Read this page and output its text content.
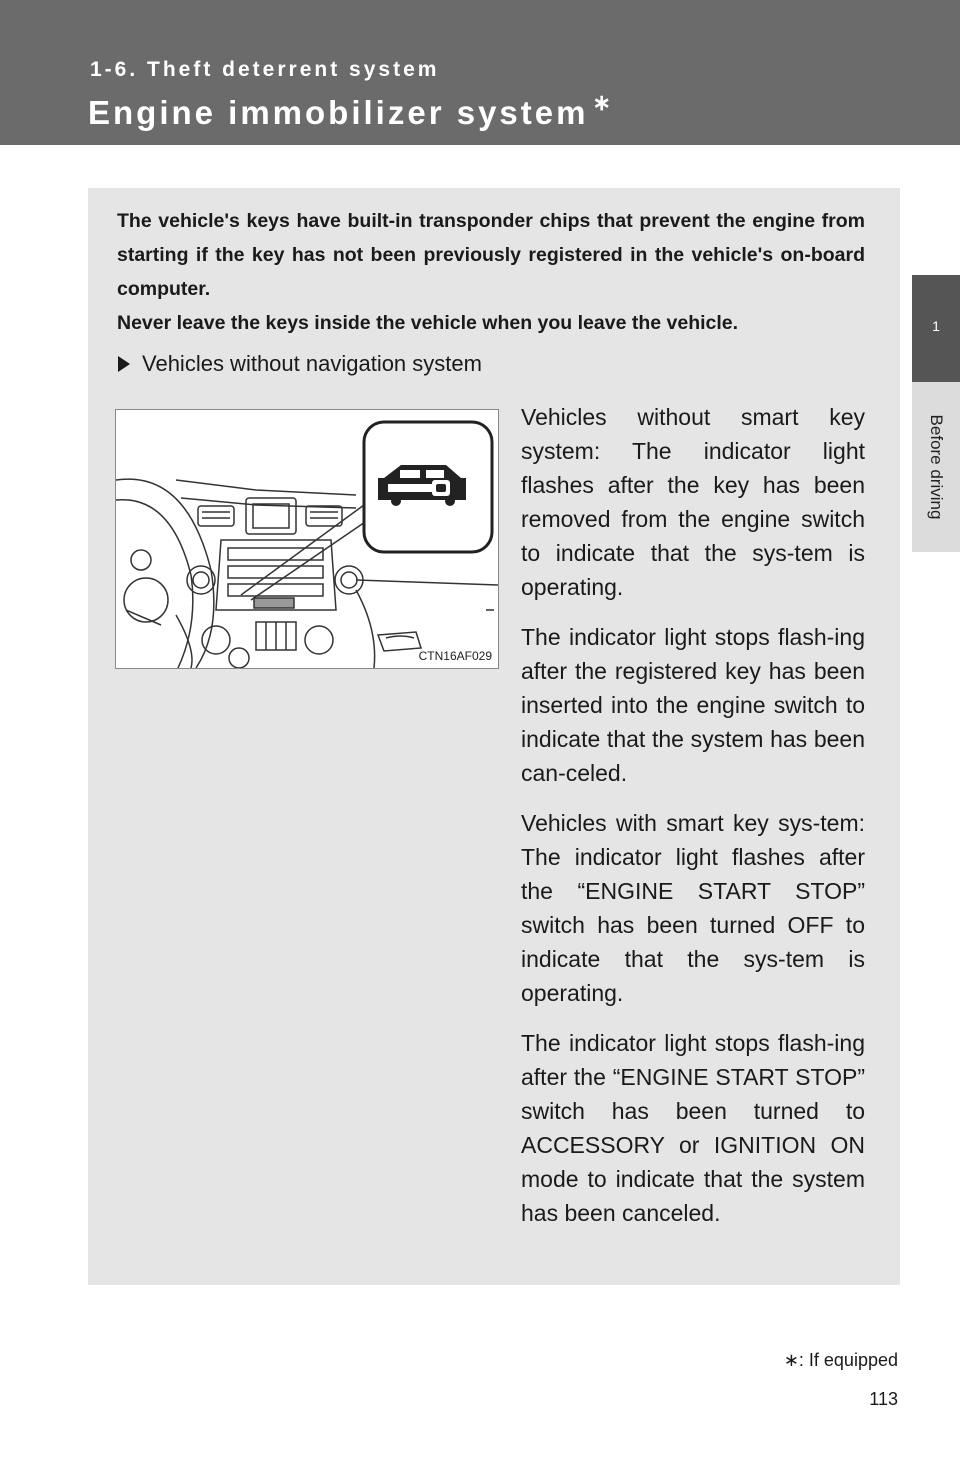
1-6. Theft deterrent system
Engine immobilizer system ∗
1
Before driving

The vehicle's keys have built-in transponder chips that prevent the engine from starting if the key has not been previously registered in the vehicle's on-board computer.

Never leave the keys inside the vehicle when you leave the vehicle.

Vehicles without navigation system
CTN16AF029

Vehicles without smart key system: The indicator light flashes after the key has been removed from the engine switch to indicate that the sys-tem is operating.

The indicator light stops flash-ing after the registered key has been inserted into the engine switch to indicate that the system has been can-celed.

Vehicles with smart key sys-tem: The indicator light flashes after the “ENGINE START STOP” switch has been turned OFF to indicate that the sys-tem is operating.

The indicator light stops flash-ing after the “ENGINE START STOP” switch has been turned to ACCESSORY or IGNITION ON mode to indicate that the system has been canceled.

∗: If equipped
113
